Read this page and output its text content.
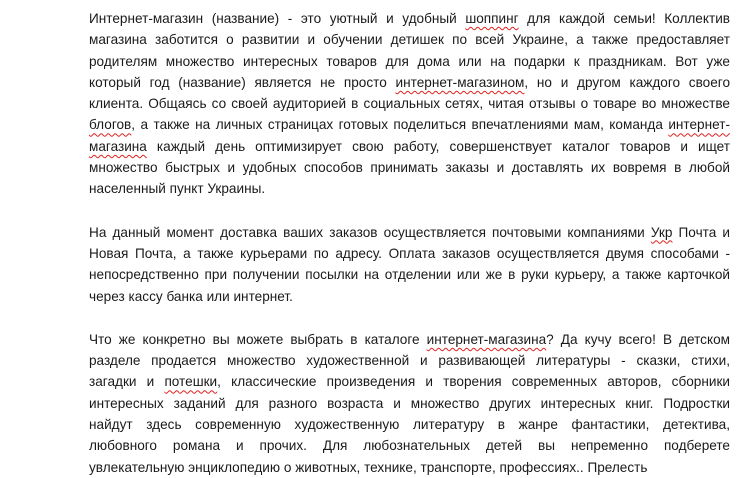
Интернет-магазин (название) - это уютный и удобный шоппинг для каждой семьи! Коллектив
магазина заботится о развитии и обучении детишек по всей Украине, а также предоставляет
родителям множество интересных товаров для дома или на подарки к праздникам. Вот уже
который год (название) является не просто интернет-магазином, но и другом каждого своего
клиента. Общаясь со своей аудиторией в социальных сетях, читая отзывы о товаре во множестве
блогов, а также на личных страницах готовых поделиться впечатлениями мам, команда интернет-
магазина каждый день оптимизирует свою работу, совершенствует каталог товаров и ищет
множество быстрых и удобных способов принимать заказы и доставлять их вовремя в любой
населенный пункт Украины.

На данный момент доставка ваших заказов осуществляется почтовыми компаниями Укр Почта и
Новая Почта, а также курьерами по адресу. Оплата заказов осуществляется двумя способами -
непосредственно при получении посылки на отделении или же в руки курьеру, а также карточкой
через кассу банка или интернет.

Что же конкретно вы можете выбрать в каталоге интернет-магазина? Да кучу всего! В детском
разделе продается множество художественной и развивающей литературы - сказки, стихи,
загадки и потешки, классические произведения и творения современных авторов, сборники
интересных заданий для разного возраста и множество других интересных книг. Подростки
найдут здесь современную художественную литературу в жанре фантастики, детектива,
любовного романа и прочих. Для любознательных детей вы непременно подберете
увлекательную энциклопедию о животных, технике, транспорте, профессиях.. Прелесть
